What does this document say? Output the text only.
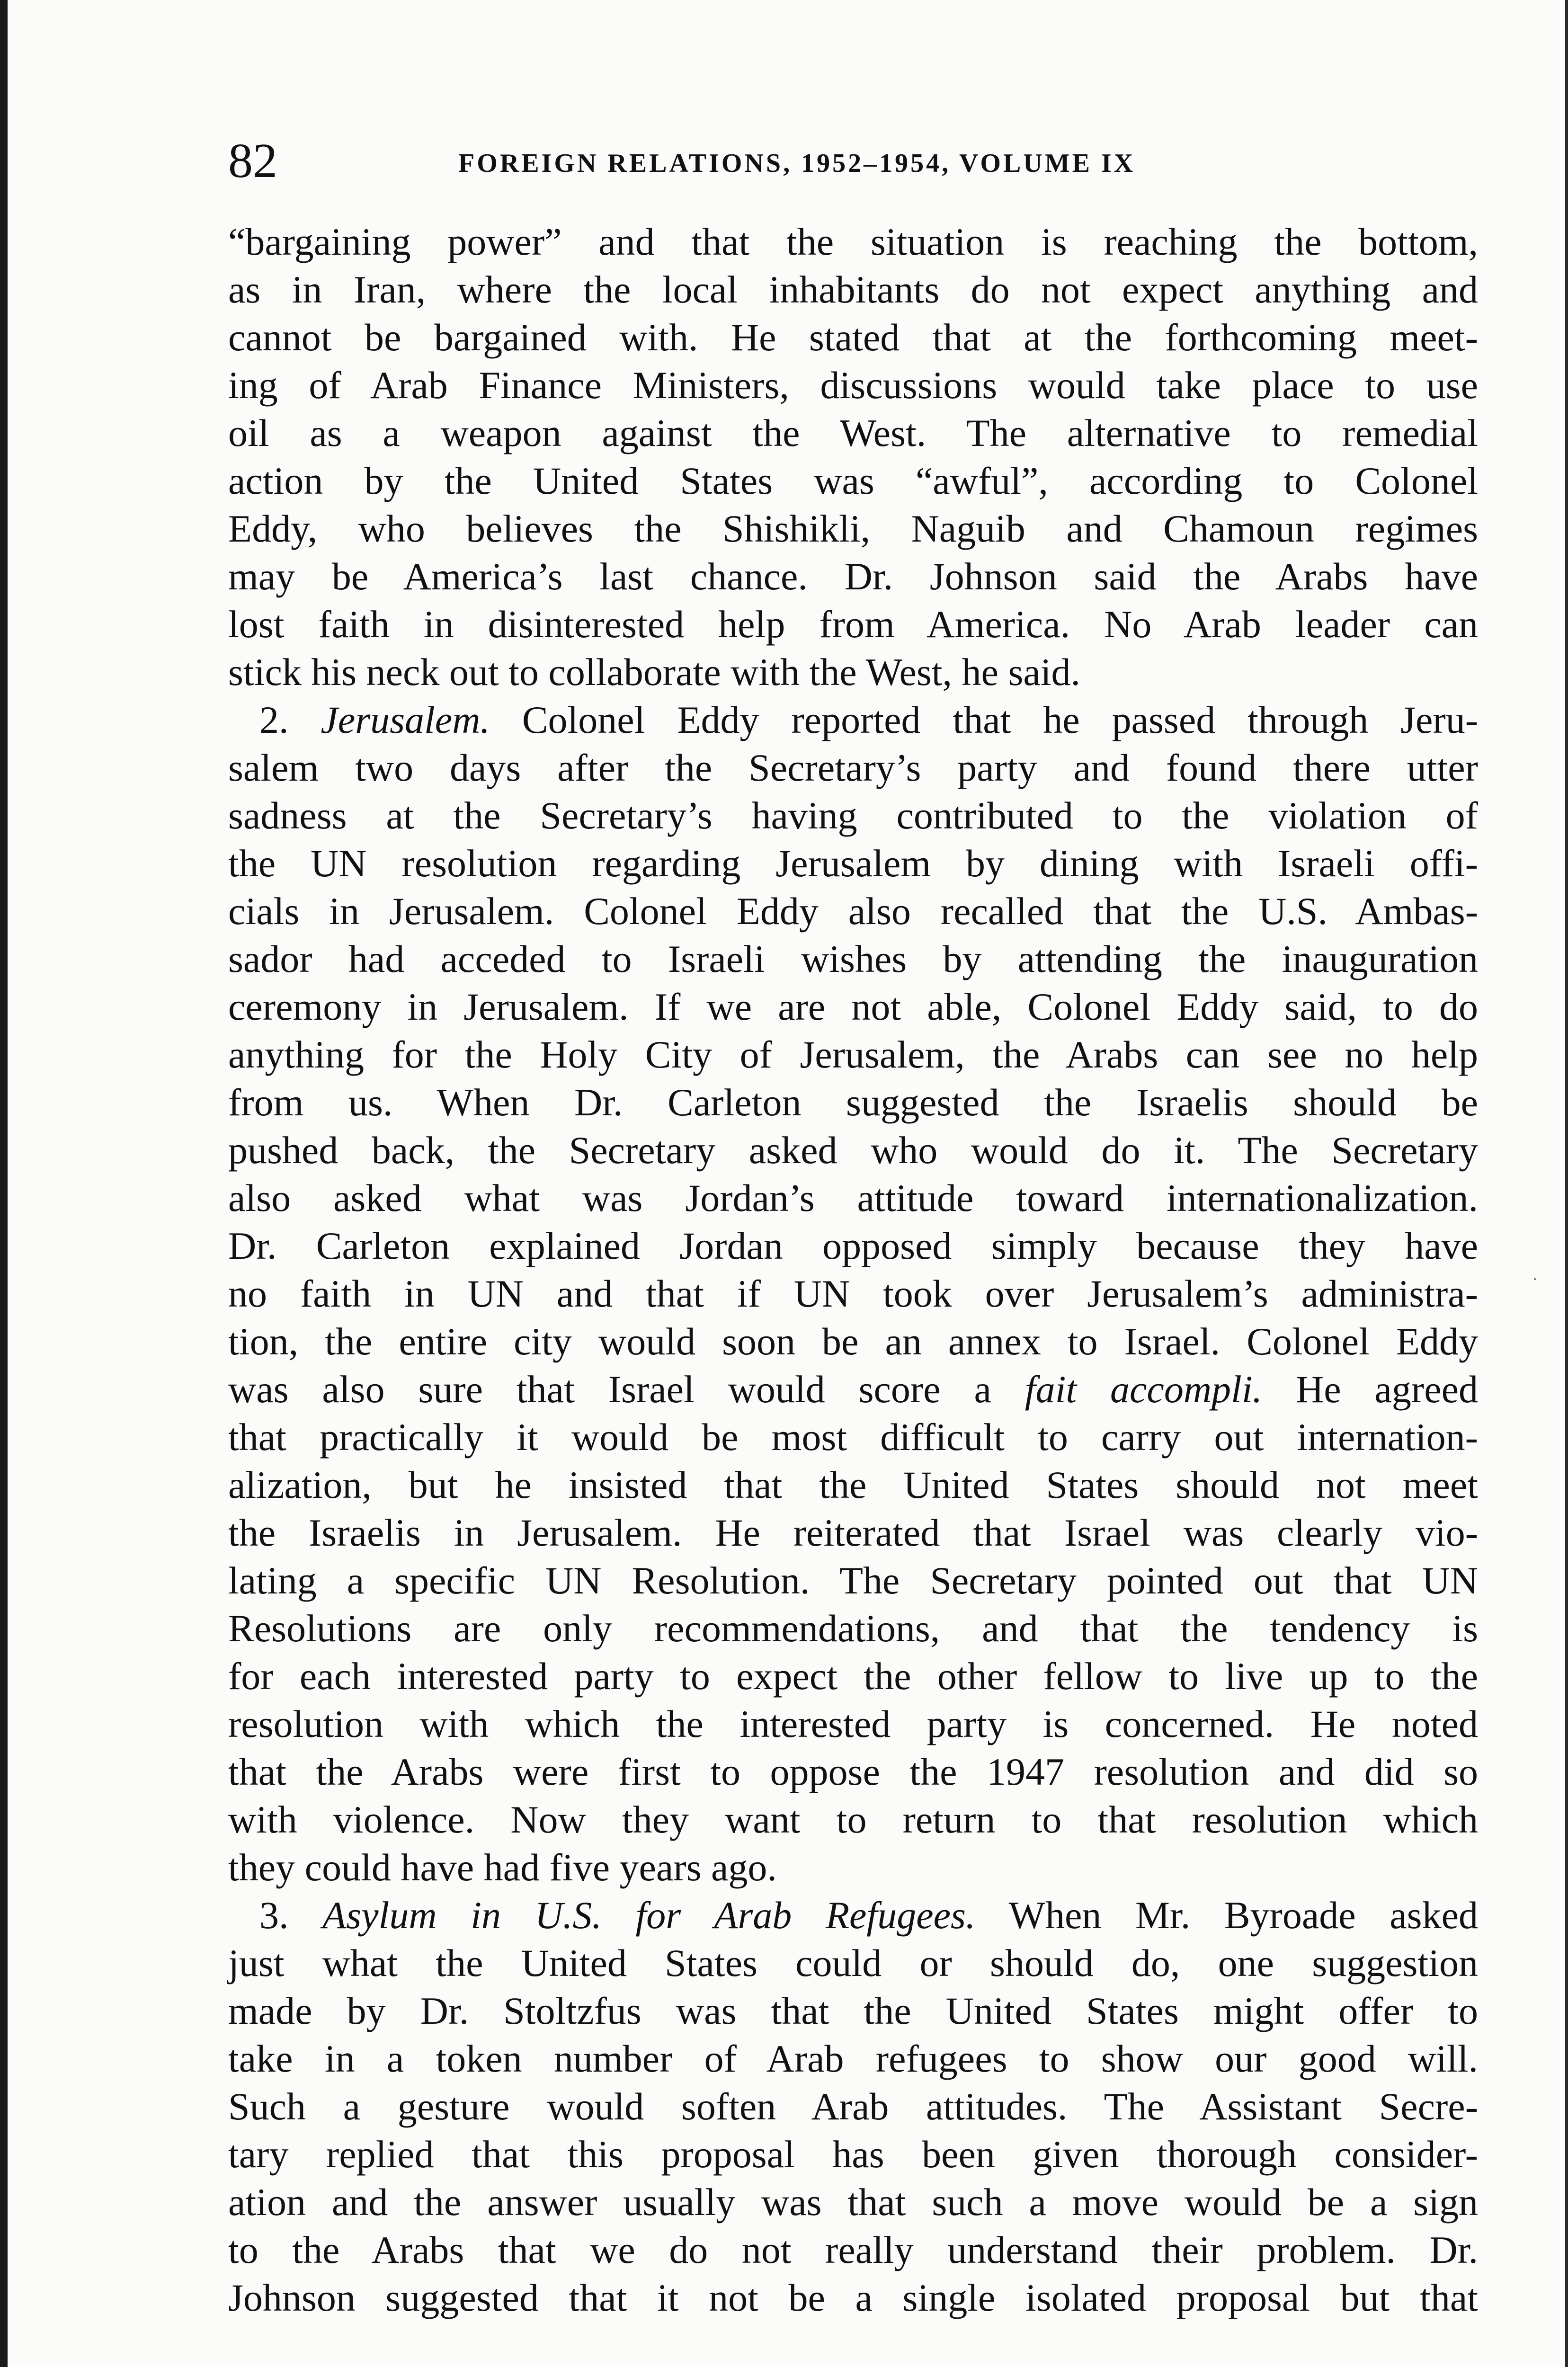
82	FOREIGN RELATIONS, 1952–1954, VOLUME IX
“bargaining power” and that the situation is reaching the bottom,
as in Iran, where the local inhabitants do not expect anything and
cannot be bargained with. He stated that at the forthcoming meet-
ing of Arab Finance Ministers, discussions would take place to use
oil as a weapon against the West. The alternative to remedial
action by the United States was “awful”, according to Colonel
Eddy, who believes the Shishikli, Naguib and Chamoun regimes
may be America’s last chance. Dr. Johnson said the Arabs have
lost faith in disinterested help from America. No Arab leader can
stick his neck out to collaborate with the West, he said.
2. Jerusalem. Colonel Eddy reported that he passed through Jeru-
salem two days after the Secretary’s party and found there utter
sadness at the Secretary’s having contributed to the violation of
the UN resolution regarding Jerusalem by dining with Israeli offi-
cials in Jerusalem. Colonel Eddy also recalled that the U.S. Ambas-
sador had acceded to Israeli wishes by attending the inauguration
ceremony in Jerusalem. If we are not able, Colonel Eddy said, to do
anything for the Holy City of Jerusalem, the Arabs can see no help
from us. When Dr. Carleton suggested the Israelis should be
pushed back, the Secretary asked who would do it. The Secretary
also asked what was Jordan’s attitude toward internationalization.
Dr. Carleton explained Jordan opposed simply because they have
no faith in UN and that if UN took over Jerusalem’s administra-
tion, the entire city would soon be an annex to Israel. Colonel Eddy
was also sure that Israel would score a fait accompli. He agreed
that practically it would be most difficult to carry out internation-
alization, but he insisted that the United States should not meet
the Israelis in Jerusalem. He reiterated that Israel was clearly vio-
lating a specific UN Resolution. The Secretary pointed out that UN
Resolutions are only recommendations, and that the tendency is
for each interested party to expect the other fellow to live up to the
resolution with which the interested party is concerned. He noted
that the Arabs were first to oppose the 1947 resolution and did so
with violence. Now they want to return to that resolution which
they could have had five years ago.
3. Asylum in U.S. for Arab Refugees. When Mr. Byroade asked
just what the United States could or should do, one suggestion
made by Dr. Stoltzfus was that the United States might offer to
take in a token number of Arab refugees to show our good will.
Such a gesture would soften Arab attitudes. The Assistant Secre-
tary replied that this proposal has been given thorough consider-
ation and the answer usually was that such a move would be a sign
to the Arabs that we do not really understand their problem. Dr.
Johnson suggested that it not be a single isolated proposal but that
